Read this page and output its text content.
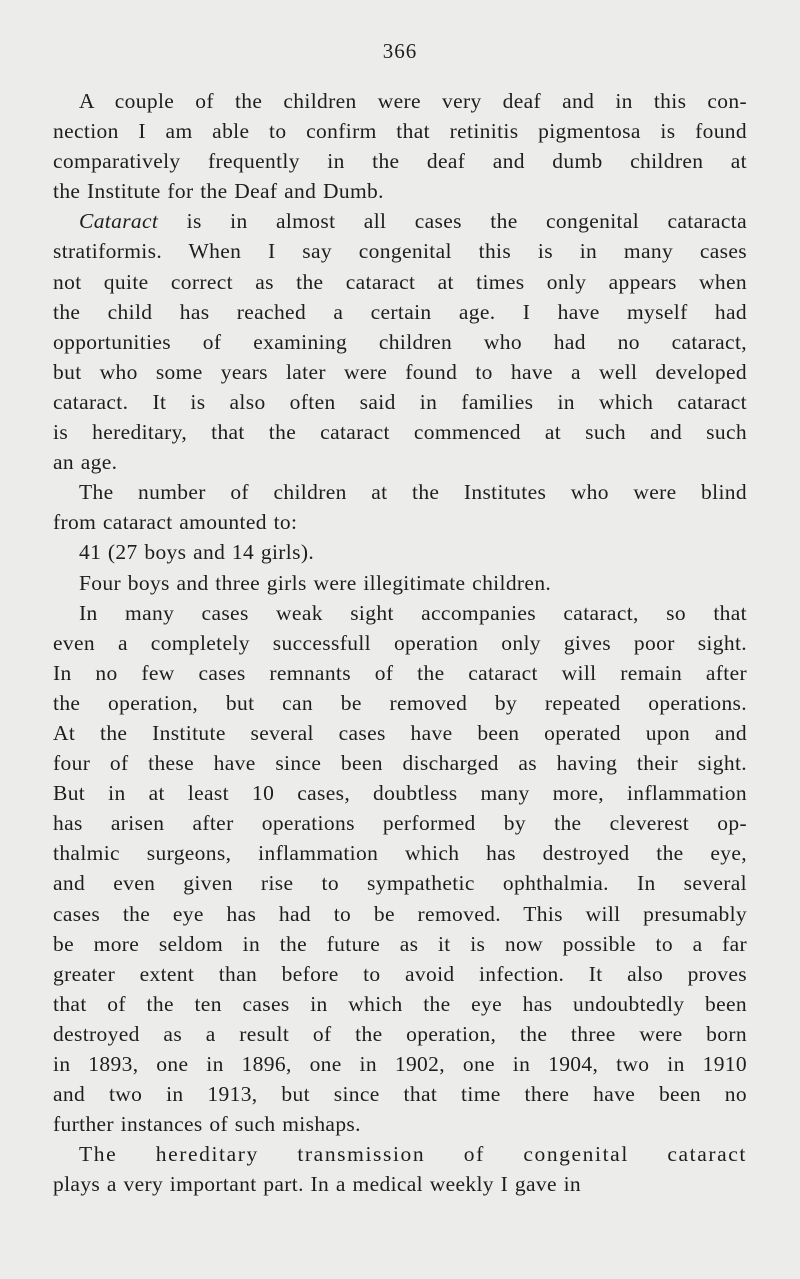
366

A couple of the children were very deaf and in this con-
nection I am able to confirm that retinitis pigmentosa is found
comparatively frequently in the deaf and dumb children at
the Institute for the Deaf and Dumb.

Cataract is in almost all cases the congenital cataracta
stratiformis. When I say congenital this is in many cases
not quite correct as the cataract at times only appears when
the child has reached a certain age. I have myself had
opportunities of examining children who had no cataract,
but who some years later were found to have a well developed
cataract. It is also often said in families in which cataract
is hereditary, that the cataract commenced at such and such
an age.

The number of children at the Institutes who were blind
from cataract amounted to:

41 (27 boys and 14 girls).

Four boys and three girls were illegitimate children.

In many cases weak sight accompanies cataract, so that
even a completely successfull operation only gives poor sight.
In no few cases remnants of the cataract will remain after
the operation, but can be removed by repeated operations.
At the Institute several cases have been operated upon and
four of these have since been discharged as having their sight.
But in at least 10 cases, doubtless many more, inflammation
has arisen after operations performed by the cleverest op-
thalmic surgeons, inflammation which has destroyed the eye,
and even given rise to sympathetic ophthalmia. In several
cases the eye has had to be removed. This will presumably
be more seldom in the future as it is now possible to a far
greater extent than before to avoid infection. It also proves
that of the ten cases in which the eye has undoubtedly been
destroyed as a result of the operation, the three were born
in 1893, one in 1896, one in 1902, one in 1904, two in 1910
and two in 1913, but since that time there have been no
further instances of such mishaps.

The hereditary transmission of congenital cataract
plays a very important part. In a medical weekly I gave in
